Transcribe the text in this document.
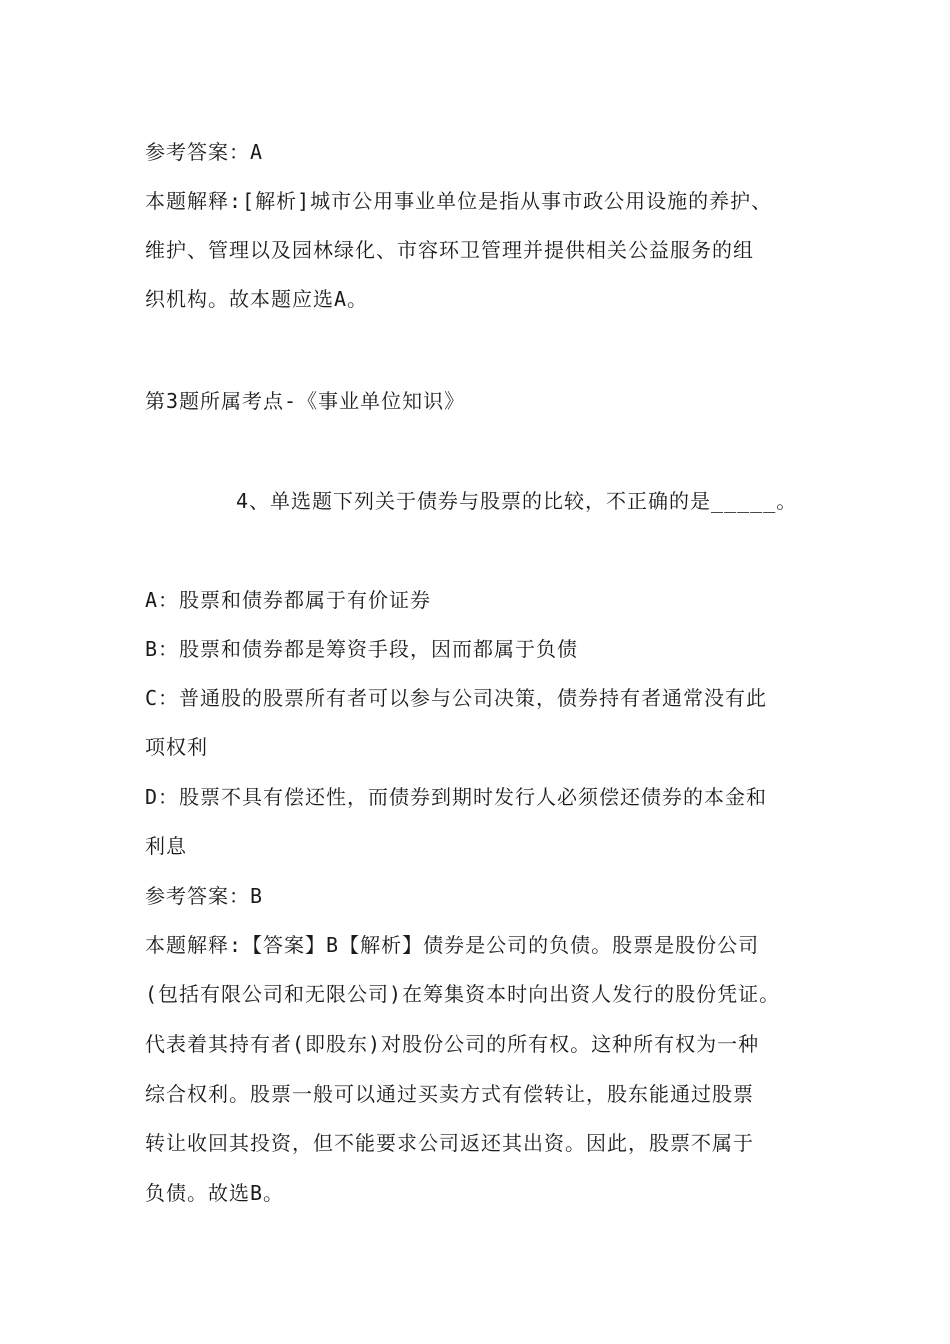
参考答案：A
本题解释:[解析]城市公用事业单位是指从事市政公用设施的养护、
维护、管理以及园林绿化、市容环卫管理并提供相关公益服务的组
织机构。故本题应选A。
第3题所属考点-《事业单位知识》
4、单选题下列关于债券与股票的比较，不正确的是_____。
A：股票和债券都属于有价证券
B：股票和债券都是筹资手段，因而都属于负债
C：普通股的股票所有者可以参与公司决策，债券持有者通常没有此
项权利
D：股票不具有偿还性，而债券到期时发行人必须偿还债券的本金和
利息
参考答案：B
本题解释:【答案】B【解析】债券是公司的负债。股票是股份公司
(包括有限公司和无限公司)在筹集资本时向出资人发行的股份凭证。
代表着其持有者(即股东)对股份公司的所有权。这种所有权为一种
综合权利。股票一般可以通过买卖方式有偿转让，股东能通过股票
转让收回其投资，但不能要求公司返还其出资。因此，股票不属于
负债。故选B。
